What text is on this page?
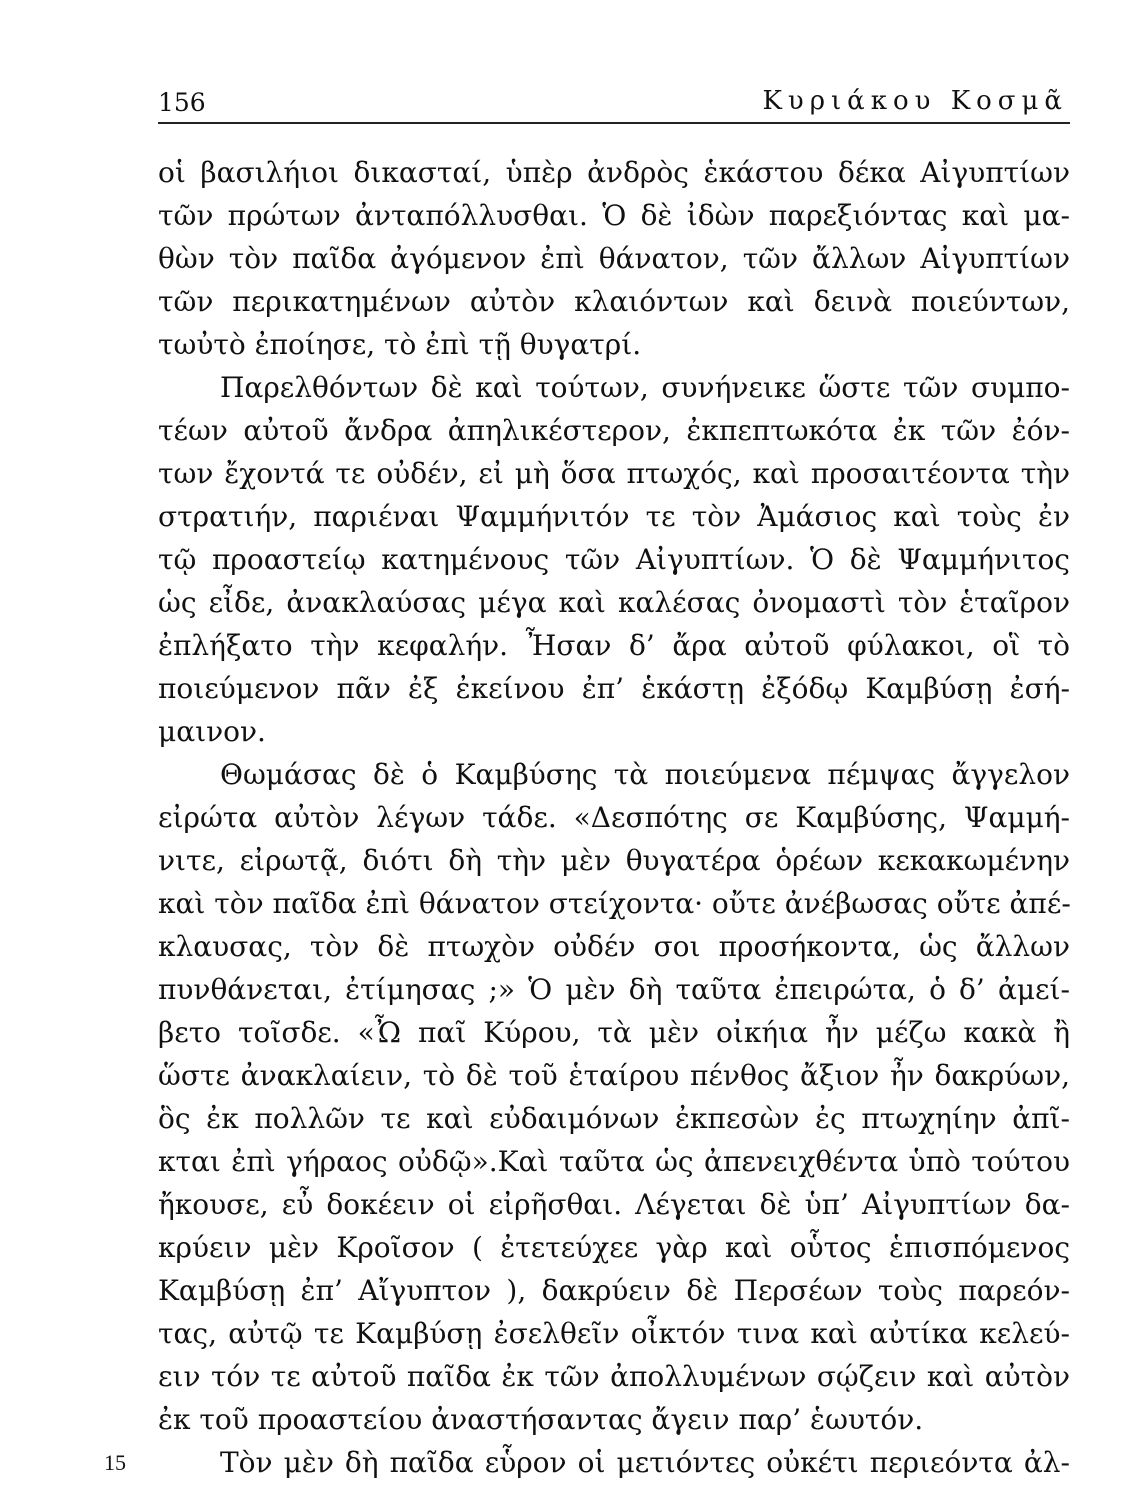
156	Κυριάκου Κοσμᾶ
οἱ βασιλήιοι δικασταί, ὑπὲρ ἀνδρὸς ἑκάστου δέκα Αἰγυπτίων
τῶν πρώτων ἀνταπόλλυσθαι. Ὁ δὲ ἰδὼν παρεξιόντας καὶ μα-
θὼν τὸν παῖδα ἀγόμενον ἐπὶ θάνατον, τῶν ἄλλων Αἰγυπτίων
τῶν περικατημένων αὐτὸν κλαιόντων καὶ δεινὰ ποιεύντων,
τωὐτὸ ἐποίησε, τὸ ἐπὶ τῇ θυγατρί.
Παρελθόντων δὲ καὶ τούτων, συνήνεικε ὥστε τῶν συμπο-
τέων αὐτοῦ ἄνδρα ἀπηλικέστερον, ἐκπεπτωκότα ἐκ τῶν ἐόν-
των ἔχοντά τε οὐδέν, εἰ μὴ ὅσα πτωχός, καὶ προσαιτέοντα τὴν
στρατιήν, παριέναι Ψαμμήνιτόν τε τὸν Ἀμάσιος καὶ τοὺς ἐν
τῷ προαστείῳ κατημένους τῶν Αἰγυπτίων. Ὁ δὲ Ψαμμήνιτος
ὡς εἶδε, ἀνακλαύσας μέγα καὶ καλέσας ὀνομαστὶ τὸν ἑταῖρον
ἐπλήξατο τὴν κεφαλήν. Ἦσαν δ’ ἄρα αὐτοῦ φύλακοι, οἳ τὸ
ποιεύμενον πᾶν ἐξ ἐκείνου ἐπ’ ἑκάστῃ ἐξόδῳ Καμβύσῃ ἐσή-
μαινον.
Θωμάσας δὲ ὁ Καμβύσης τὰ ποιεύμενα πέμψας ἄγγελον
εἰρώτα αὐτὸν λέγων τάδε. «Δεσπότης σε Καμβύσης, Ψαμμή-
νιτε, εἰρωτᾷ, διότι δὴ τὴν μὲν θυγατέρα ὁρέων κεκακωμένην
καὶ τὸν παῖδα ἐπὶ θάνατον στείχοντα· οὔτε ἀνέβωσας οὔτε ἀπέ-
κλαυσας, τὸν δὲ πτωχὸν οὐδέν σοι προσήκοντα, ὡς ἄλλων
πυνθάνεται, ἐτίμησας ;» Ὁ μὲν δὴ ταῦτα ἐπειρώτα, ὁ δ’ ἀμεί-
βετο τοῖσδε. «Ὦ παῖ Κύρου, τὰ μὲν οἰκήια ἦν μέζω κακὰ ἢ
ὥστε ἀνακλαίειν, τὸ δὲ τοῦ ἑταίρου πένθος ἄξιον ἦν δακρύων,
ὃς ἐκ πολλῶν τε καὶ εὐδαιμόνων ἐκπεσὼν ἐς πτωχηίην ἀπῖ-
κται ἐπὶ γήραος οὐδῷ».Καὶ ταῦτα ὡς ἀπενειχθέντα ὑπὸ τούτου
ἤκουσε, εὖ δοκέειν οἱ εἰρῆσθαι. Λέγεται δὲ ὑπ’ Αἰγυπτίων δα-
κρύειν μὲν Κροῖσον ( ἐτετεύχεε γὰρ καὶ οὗτος ἑπισπόμενος
Καμβύσῃ ἐπ’ Αἴγυπτον ), δακρύειν δὲ Περσέων τοὺς παρεόν-
τας, αὐτῷ τε Καμβύσῃ ἐσελθεῖν οἶκτόν τινα καὶ αὐτίκα κελεύ-
ειν τόν τε αὐτοῦ παῖδα ἐκ τῶν ἀπολλυμένων σῴζειν καὶ αὐτὸν
ἐκ τοῦ προαστείου ἀναστήσαντας ἄγειν παρ’ ἑωυτόν.
Τὸν μὲν δὴ παῖδα εὗρον οἱ μετιόντες οὐκέτι περιεόντα ἀλ-
15
